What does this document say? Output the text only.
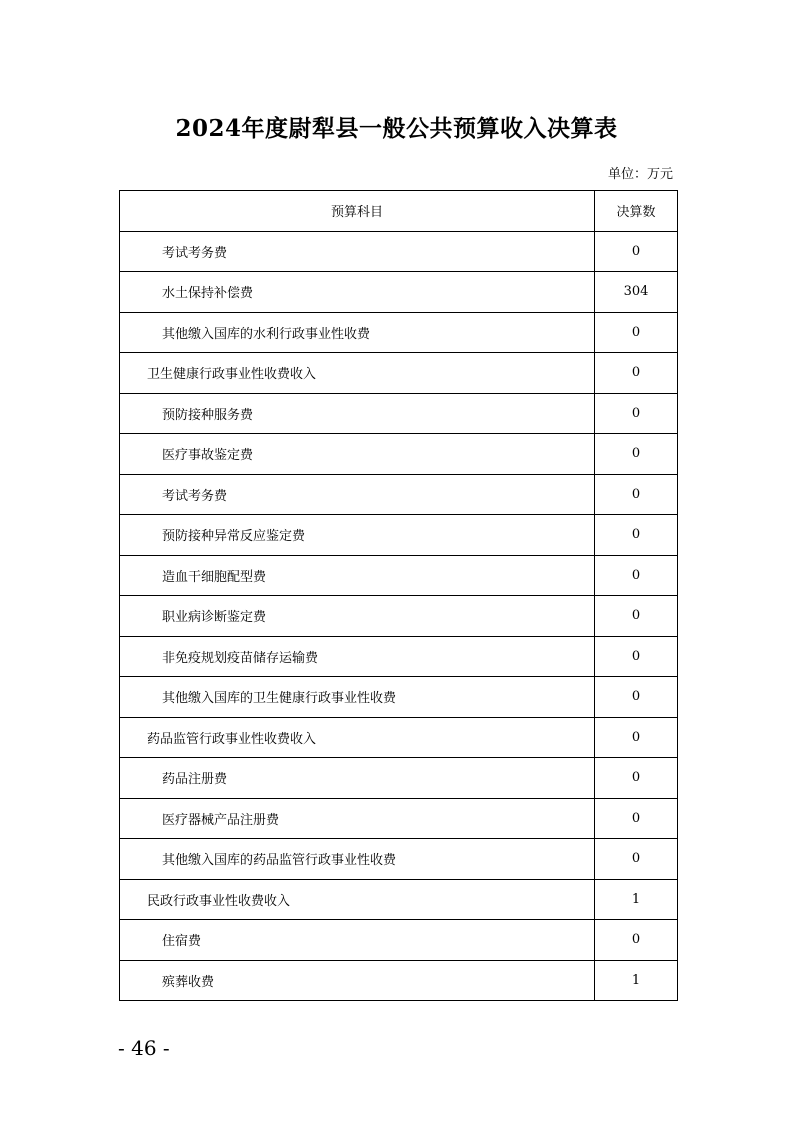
2024年度尉犁县一般公共预算收入决算表
单位：万元
预算科目	决算数
考试考务费	0
水土保持补偿费	304
其他缴入国库的水利行政事业性收费	0
卫生健康行政事业性收费收入	0
预防接种服务费	0
医疗事故鉴定费	0
考试考务费	0
预防接种异常反应鉴定费	0
造血干细胞配型费	0
职业病诊断鉴定费	0
非免疫规划疫苗储存运输费	0
其他缴入国库的卫生健康行政事业性收费	0
药品监管行政事业性收费收入	0
药品注册费	0
医疗器械产品注册费	0
其他缴入国库的药品监管行政事业性收费	0
民政行政事业性收费收入	1
住宿费	0
殡葬收费	1
- 46 -
